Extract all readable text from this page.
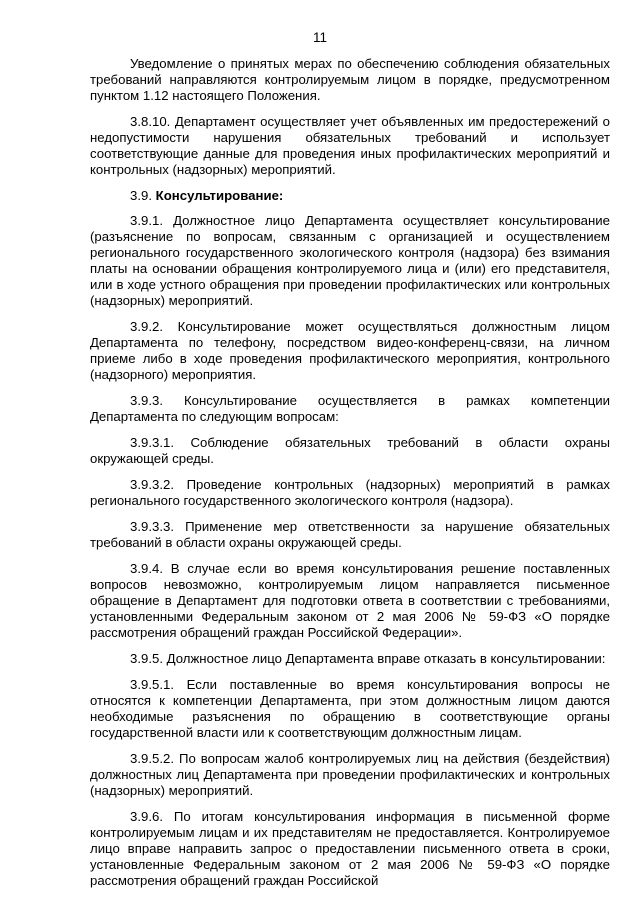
11

Уведомление о принятых мерах по обеспечению соблюдения обязательных требований направляются контролируемым лицом в порядке, предусмотренном пунктом 1.12 настоящего Положения.

3.8.10. Департамент осуществляет учет объявленных им предостережений о недопустимости нарушения обязательных требований и использует соответствующие данные для проведения иных профилактических мероприятий и контрольных (надзорных) мероприятий.

3.9. Консультирование:

3.9.1. Должностное лицо Департамента осуществляет консультирование (разъяснение по вопросам, связанным с организацией и осуществлением регионального государственного экологического контроля (надзора) без взимания платы на основании обращения контролируемого лица и (или) его представителя, или в ходе устного обращения при проведении профилактических или контрольных (надзорных) мероприятий.

3.9.2. Консультирование может осуществляться должностным лицом Департамента по телефону, посредством видео-конференц-связи, на личном приеме либо в ходе проведения профилактического мероприятия, контрольного (надзорного) мероприятия.

3.9.3. Консультирование осуществляется в рамках компетенции Департамента по следующим вопросам:

3.9.3.1. Соблюдение обязательных требований в области охраны окружающей среды.

3.9.3.2. Проведение контрольных (надзорных) мероприятий в рамках регионального государственного экологического контроля (надзора).

3.9.3.3. Применение мер ответственности за нарушение обязательных требований в области охраны окружающей среды.

3.9.4. В случае если во время консультирования решение поставленных вопросов невозможно, контролируемым лицом направляется письменное обращение в Департамент для подготовки ответа в соответствии с требованиями, установленными Федеральным законом от 2 мая 2006 № 59-ФЗ «О порядке рассмотрения обращений граждан Российской Федерации».

3.9.5. Должностное лицо Департамента вправе отказать в консультировании:

3.9.5.1. Если поставленные во время консультирования вопросы не относятся к компетенции Департамента, при этом должностным лицом даются необходимые разъяснения по обращению в соответствующие органы государственной власти или к соответствующим должностным лицам.

3.9.5.2. По вопросам жалоб контролируемых лиц на действия (бездействия) должностных лиц Департамента при проведении профилактических и контрольных (надзорных) мероприятий.

3.9.6. По итогам консультирования информация в письменной форме контролируемым лицам и их представителям не предоставляется. Контролируемое лицо вправе направить запрос о предоставлении письменного ответа в сроки, установленные Федеральным законом от 2 мая 2006 № 59-ФЗ «О порядке рассмотрения обращений граждан Российской
